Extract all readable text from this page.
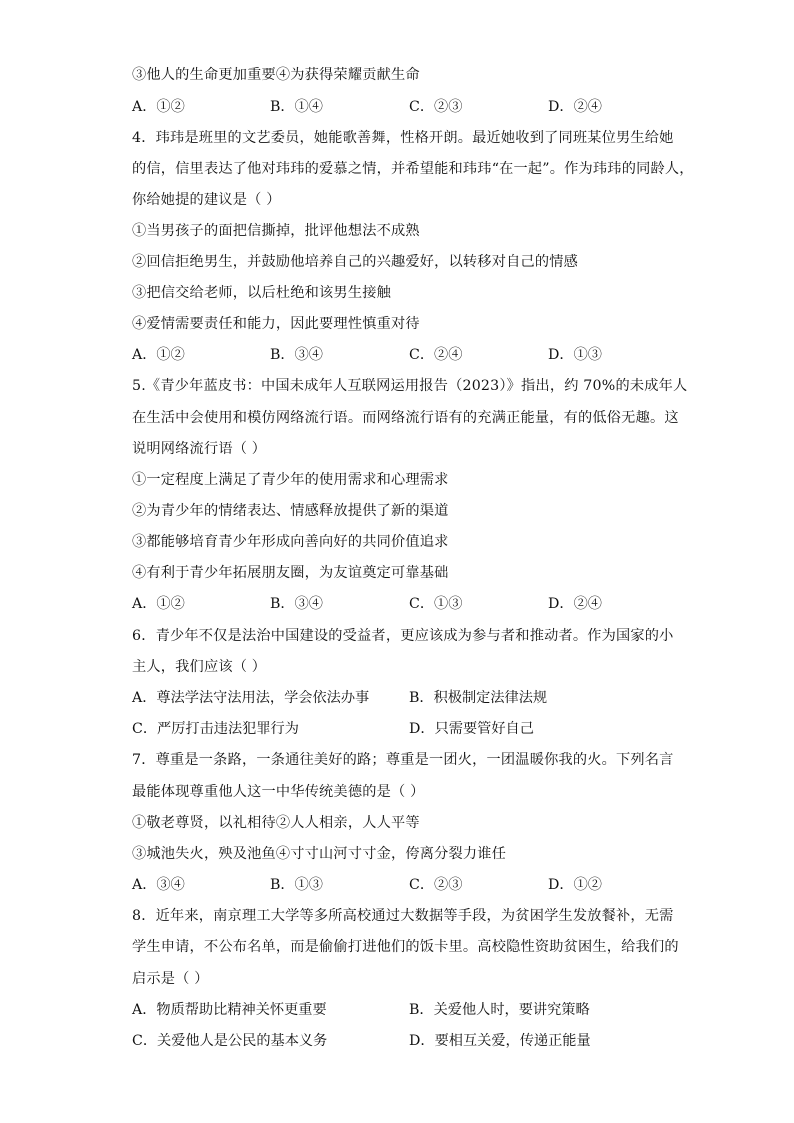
③他人的生命更加重要④为获得荣耀贡献生命
A．①②	B．①④	C．②③	D．②④
4．玮玮是班里的文艺委员，她能歌善舞，性格开朗。最近她收到了同班某位男生给她
的信，信里表达了他对玮玮的爱慕之情，并希望能和玮玮“在一起”。作为玮玮的同龄人，
你给她提的建议是（ ）
①当男孩子的面把信撕掉，批评他想法不成熟
②回信拒绝男生，并鼓励他培养自己的兴趣爱好，以转移对自己的情感
③把信交给老师，以后杜绝和该男生接触
④爱情需要责任和能力，因此要理性慎重对待
A．①②	B．③④	C．②④	D．①③
5.《青少年蓝皮书：中国未成年人互联网运用报告（2023）》指出，约 70%的未成年人
在生活中会使用和模仿网络流行语。而网络流行语有的充满正能量，有的低俗无趣。这
说明网络流行语（ ）
①一定程度上满足了青少年的使用需求和心理需求
②为青少年的情绪表达、情感释放提供了新的渠道
③都能够培育青少年形成向善向好的共同价值追求
④有利于青少年拓展朋友圈，为友谊奠定可靠基础
A．①②	B．③④	C．①③	D．②④
6．青少年不仅是法治中国建设的受益者，更应该成为参与者和推动者。作为国家的小
主人，我们应该（ ）
A．尊法学法守法用法，学会依法办事	B．积极制定法律法规
C．严厉打击违法犯罪行为	D．只需要管好自己
7．尊重是一条路，一条通往美好的路；尊重是一团火，一团温暖你我的火。下列名言
最能体现尊重他人这一中华传统美德的是（ ）
①敬老尊贤，以礼相待②人人相亲，人人平等
③城池失火，殃及池鱼④寸寸山河寸寸金，侉离分裂力谁任
A．③④	B．①③	C．②③	D．①②
8．近年来，南京理工大学等多所高校通过大数据等手段，为贫困学生发放餐补，无需
学生申请，不公布名单，而是偷偷打进他们的饭卡里。高校隐性资助贫困生，给我们的
启示是（ ）
A．物质帮助比精神关怀更重要	B．关爱他人时，要讲究策略
C．关爱他人是公民的基本义务	D．要相互关爱，传递正能量
